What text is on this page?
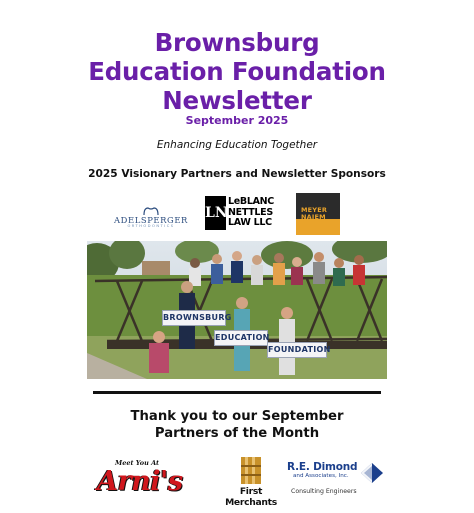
Brownsburg
Education Foundation
Newsletter
September 2025
Enhancing Education Together
2025 Visionary Partners and Newsletter Sponsors
ADELSPERGER
ORTHODONTICS
LN
LeBLANC
NETTLES
LAW LLC
MEYER
NAJEM
BROWNSBURG
EDUCATION
FOUNDATION
Thank you to our September
Partners of the Month
Meet You At
Arni's	First Merchants
R.E. Dimond
and Associates, Inc.
Consulting Engineers
